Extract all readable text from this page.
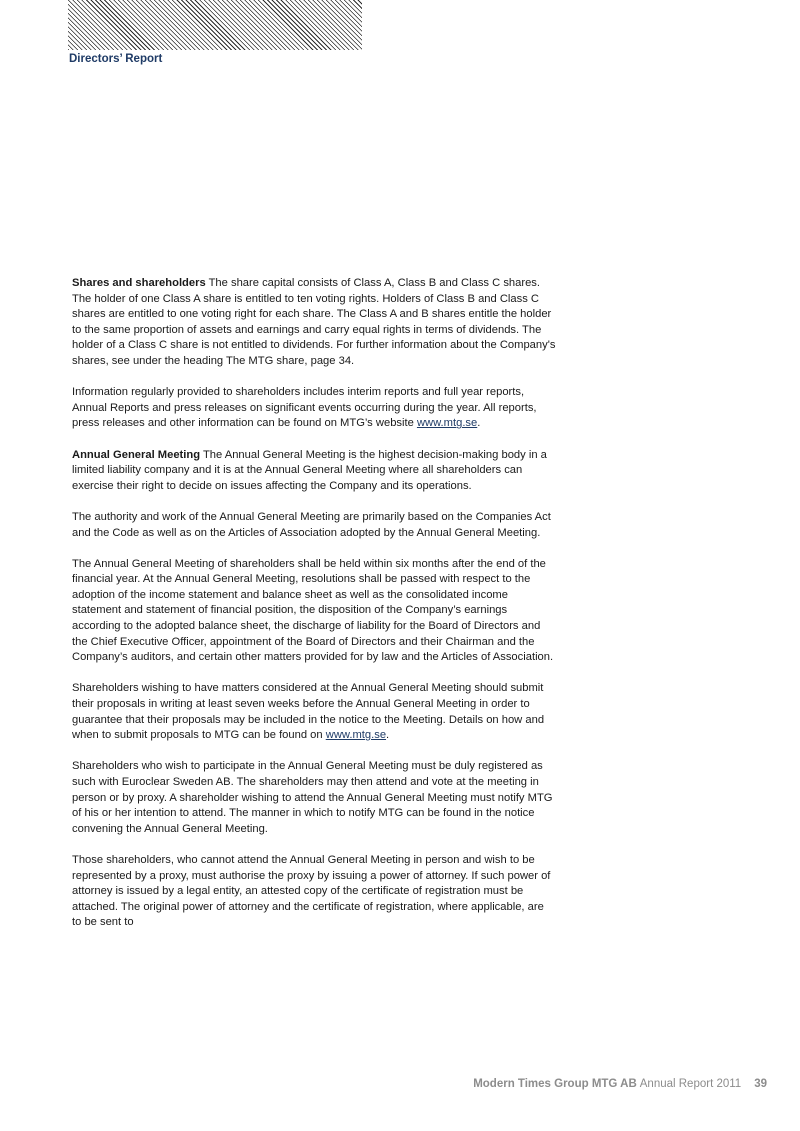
Directors’ Report

Shares and shareholders The share capital consists of Class A, Class B and Class C shares. The holder of one Class A share is entitled to ten voting rights. Holders of Class B and Class C shares are entitled to one voting right for each share. The Class A and B shares entitle the holder to the same proportion of assets and earnings and carry equal rights in terms of dividends. The holder of a Class C share is not entitled to dividends. For further information about the Company's shares, see under the heading The MTG share, page 34.

Information regularly provided to shareholders includes interim reports and full year reports, Annual Reports and press releases on significant events occurring during the year. All reports, press releases and other information can be found on MTG’s website www.mtg.se.

Annual General Meeting The Annual General Meeting is the highest decision-making body in a limited liability company and it is at the Annual General Meeting where all shareholders can exercise their right to decide on issues affecting the Company and its operations.

The authority and work of the Annual General Meeting are primarily based on the Companies Act and the Code as well as on the Articles of Association adopted by the Annual General Meeting.

The Annual General Meeting of shareholders shall be held within six months after the end of the financial year. At the Annual General Meeting, resolutions shall be passed with respect to the adoption of the income statement and balance sheet as well as the consolidated income statement and statement of financial position, the disposition of the Company’s earnings according to the adopted balance sheet, the discharge of liability for the Board of Directors and the Chief Executive Officer, appointment of the Board of Directors and their Chairman and the Company’s auditors, and certain other matters provided for by law and the Articles of Association.

Shareholders wishing to have matters considered at the Annual General Meeting should submit their proposals in writing at least seven weeks before the Annual General Meeting in order to guarantee that their proposals may be included in the notice to the Meeting. Details on how and when to submit proposals to MTG can be found on www.mtg.se.

Shareholders who wish to participate in the Annual General Meeting must be duly registered as such with Euroclear Sweden AB. The shareholders may then attend and vote at the meeting in person or by proxy. A shareholder wishing to attend the Annual General Meeting must notify MTG of his or her intention to attend. The manner in which to notify MTG can be found in the notice convening the Annual General Meeting.

Those shareholders, who cannot attend the Annual General Meeting in person and wish to be represented by a proxy, must authorise the proxy by issuing a power of attorney. If such power of attorney is issued by a legal entity, an attested copy of the certificate of registration must be attached. The original power of attorney and the certificate of registration, where applicable, are to be sent to

Modern Times Group MTG AB Annual Report 2011 39
